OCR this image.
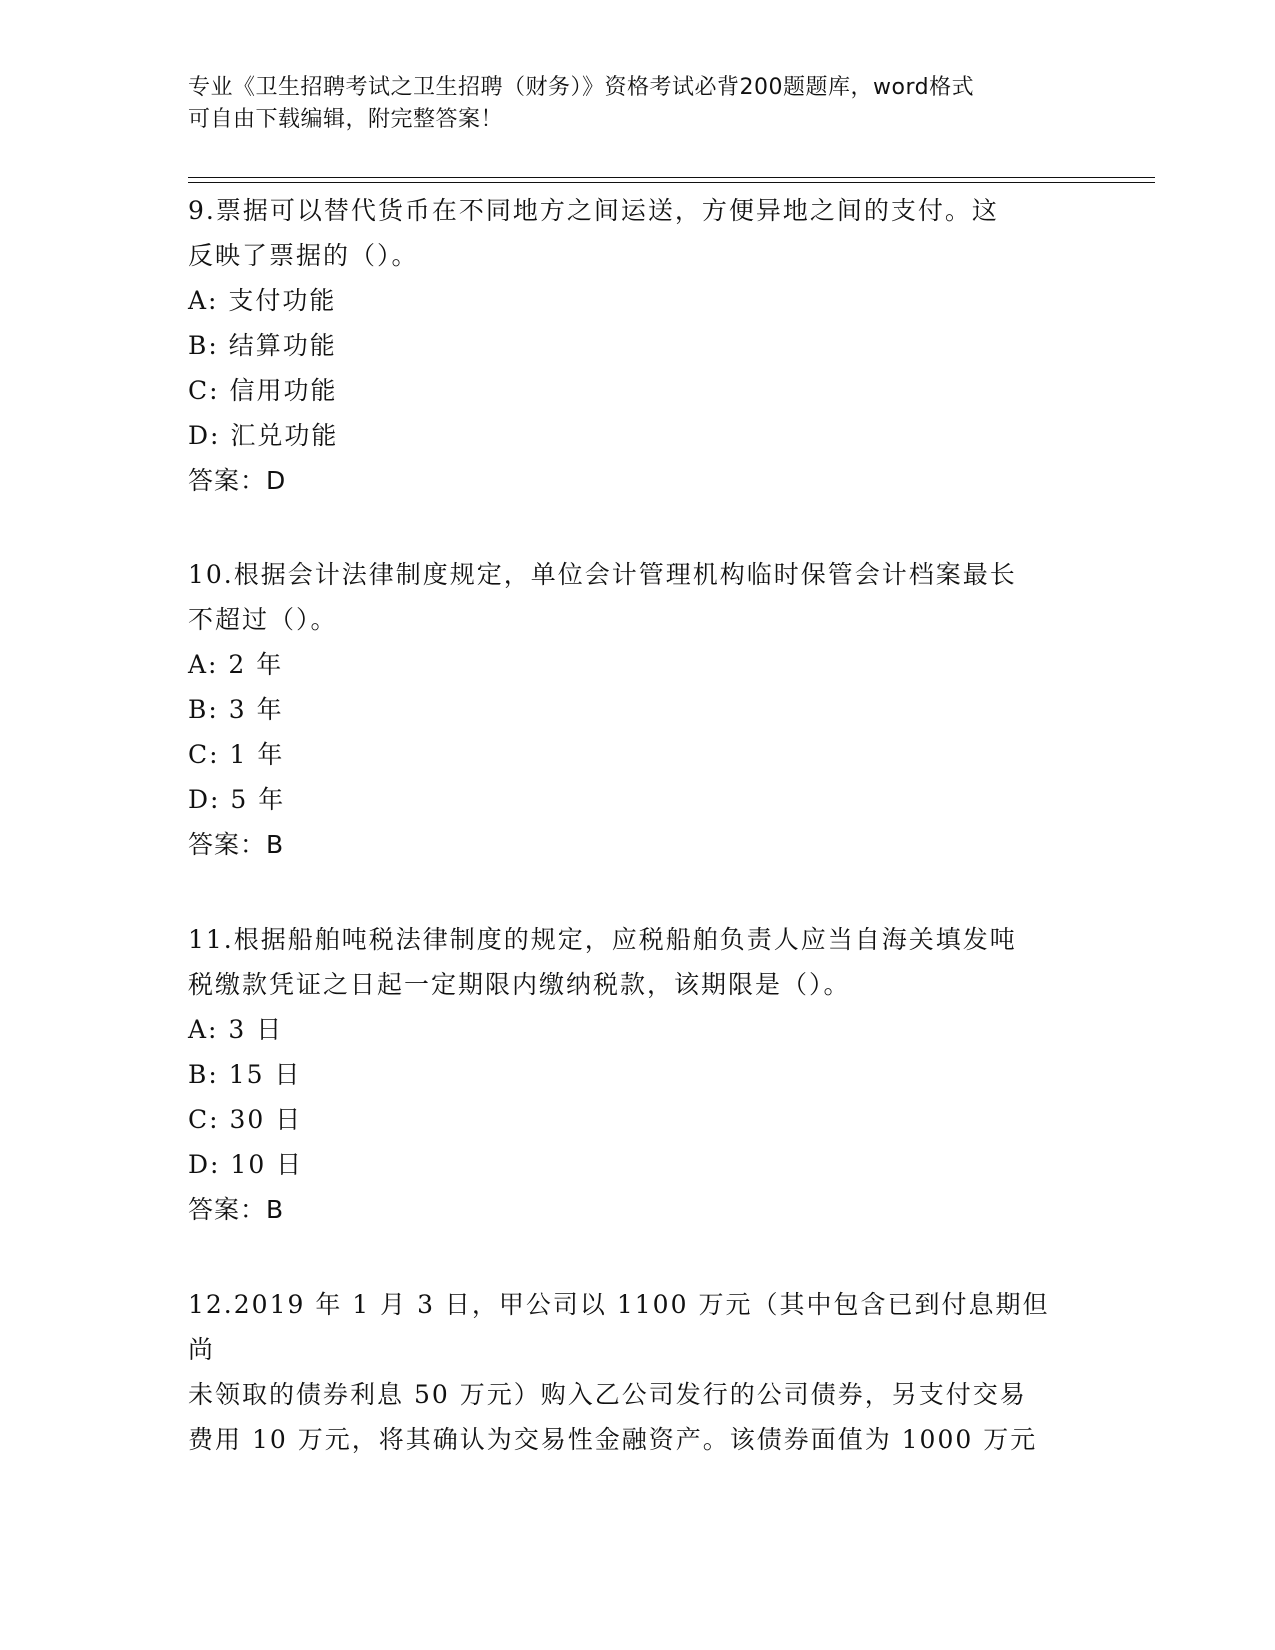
专业《卫生招聘考试之卫生招聘（财务）》资格考试必背200题题库，word格式
可自由下载编辑，附完整答案！

9.票据可以替代货币在不同地方之间运送，方便异地之间的支付。这

反映了票据的（）。

A: 支付功能

B: 结算功能

C: 信用功能

D: 汇兑功能

答案：D

10.根据会计法律制度规定，单位会计管理机构临时保管会计档案最长

不超过（）。

A: 2 年

B: 3 年

C: 1 年

D: 5 年

答案：B

11.根据船舶吨税法律制度的规定，应税船舶负责人应当自海关填发吨

税缴款凭证之日起一定期限内缴纳税款，该期限是（）。

A: 3 日

B: 15 日

C: 30 日

D: 10 日

答案：B

12.2019 年 1 月 3 日，甲公司以 1100 万元（其中包含已到付息期但尚

未领取的债券利息 50 万元）购入乙公司发行的公司债券，另支付交易

费用 10 万元，将其确认为交易性金融资产。该债券面值为 1000 万元
